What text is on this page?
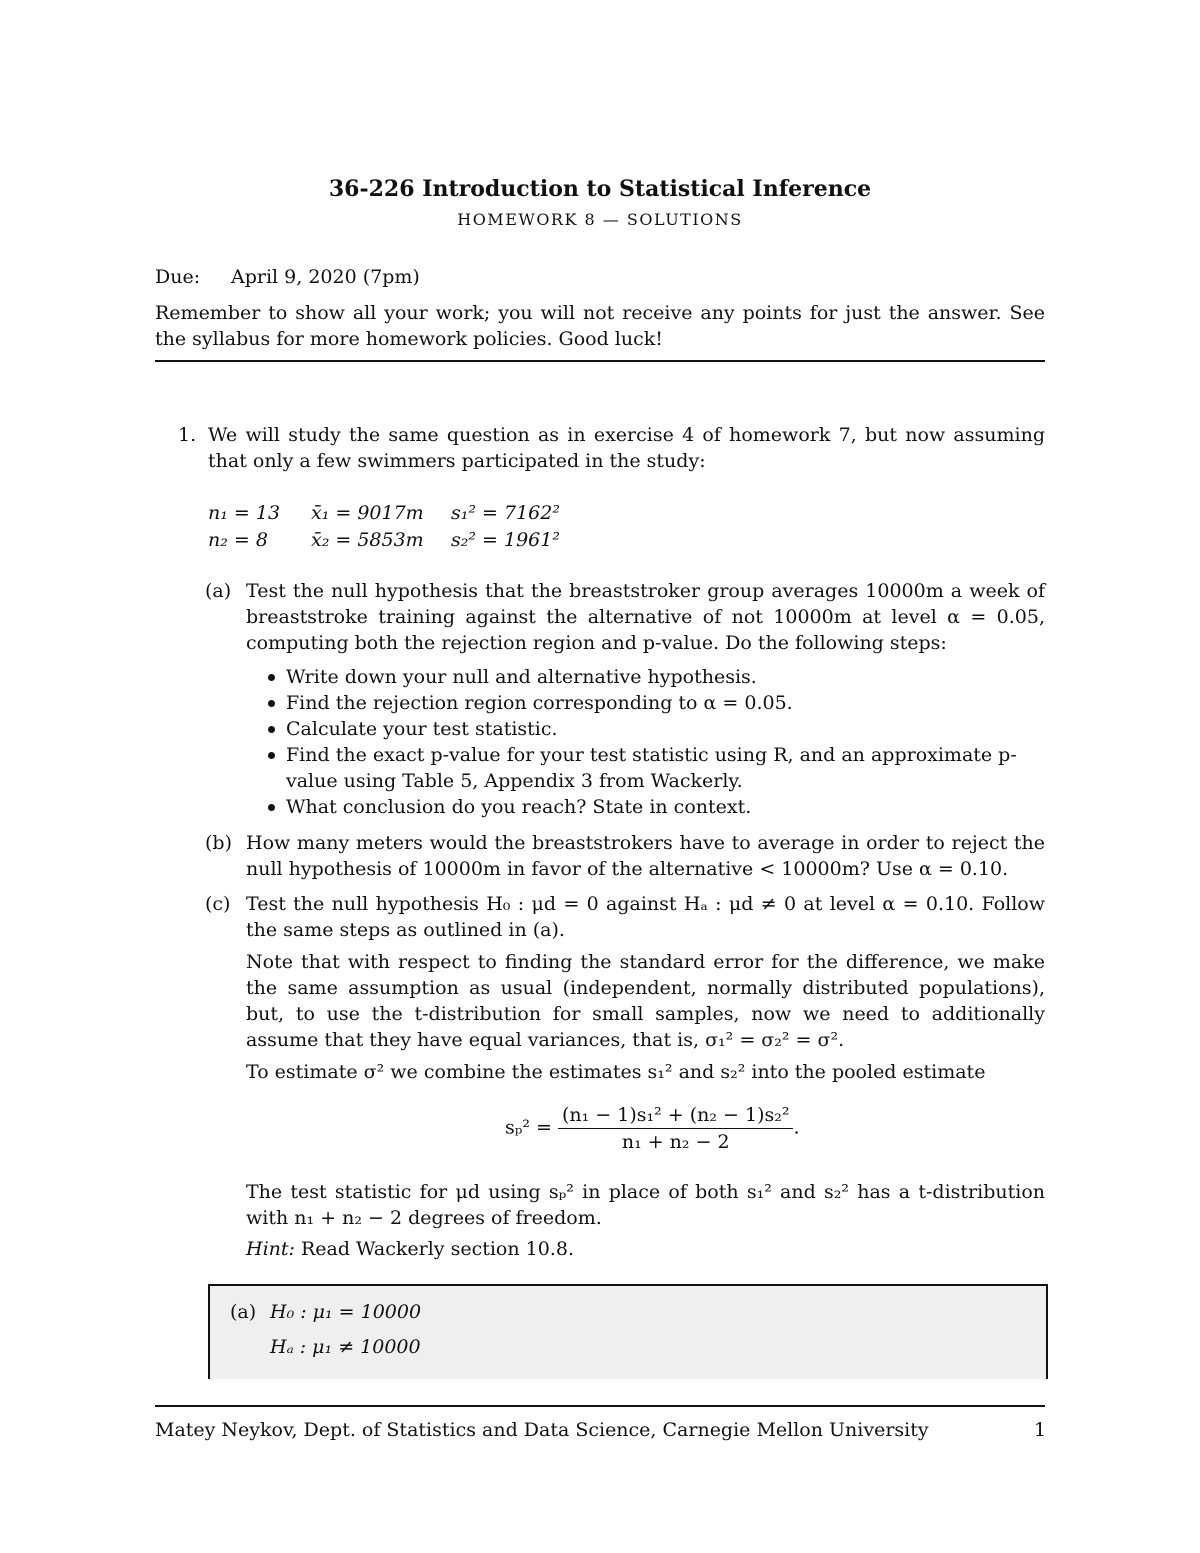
36-226 Introduction to Statistical Inference
HOMEWORK 8 — SOLUTIONS
Due: April 9, 2020 (7pm)
Remember to show all your work; you will not receive any points for just the answer. See the syllabus for more homework policies. Good luck!
1. We will study the same question as in exercise 4 of homework 7, but now assuming that only a few swimmers participated in the study:
n₁ = 13 x̄₁ = 9017m s₁² = 7162²
n₂ = 8 x̄₂ = 5853m s₂² = 1961²
(a) Test the null hypothesis that the breaststroker group averages 10000m a week of breaststroke training against the alternative of not 10000m at level α = 0.05, computing both the rejection region and p-value. Do the following steps:
Write down your null and alternative hypothesis.
Find the rejection region corresponding to α = 0.05.
Calculate your test statistic.
Find the exact p-value for your test statistic using R, and an approximate p-value using Table 5, Appendix 3 from Wackerly.
What conclusion do you reach? State in context.
(b) How many meters would the breaststrokers have to average in order to reject the null hypothesis of 10000m in favor of the alternative < 10000m? Use α = 0.10.
(c) Test the null hypothesis H₀ : μd = 0 against Hₐ : μd ≠ 0 at level α = 0.10. Follow the same steps as outlined in (a).
Note that with respect to finding the standard error for the difference, we make the same assumption as usual (independent, normally distributed populations), but, to use the t-distribution for small samples, now we need to additionally assume that they have equal variances, that is, σ₁² = σ₂² = σ².
To estimate σ² we combine the estimates s₁² and s₂² into the pooled estimate
$s_p^2 = \frac{\text{(n₁ − 1)s₁² + (n₂ − 1)s₂²}}{\text{n₁ + n₂ − 2}}$ .
The test statistic for μd using sₚ² in place of both s₁² and s₂² has a t-distribution with n₁ + n₂ − 2 degrees of freedom.
Hint: Read Wackerly section 10.8.
(a) H₀ : μ₁ = 10000
Hₐ : μ₁ ≠ 10000
Matey Neykov, Dept. of Statistics and Data Science, Carnegie Mellon University	1
